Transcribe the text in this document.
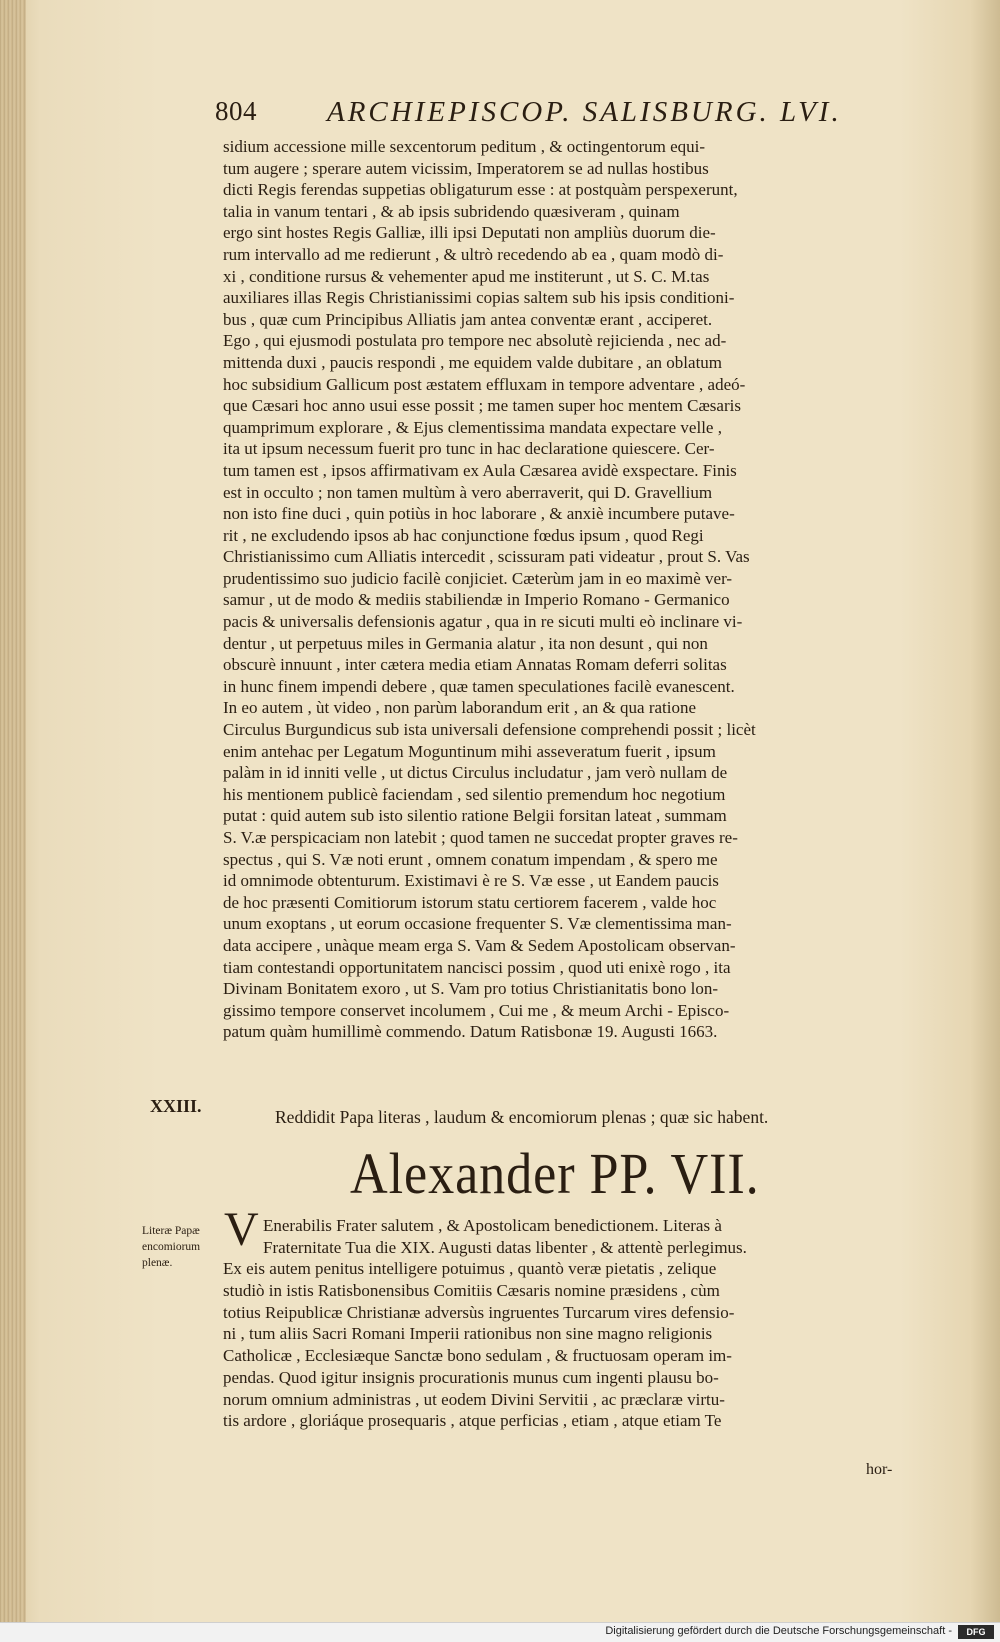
804 ARCHIEPISCOP. SALISBURG. LVI.
sidium accessione mille sexcentorum peditum , & octingentorum equi-
tum augere ; sperare autem vicissim, Imperatorem se ad nullas hostibus
dicti Regis ferendas suppetias obligaturum esse : at postquàm perspexerunt,
talia in vanum tentari , & ab ipsis subridendo quæsiveram , quinam
ergo sint hostes Regis Galliæ, illi ipsi Deputati non ampliùs duorum die-
rum intervallo ad me redierunt , & ultrò recedendo ab ea , quam modò di-
xi , conditione rursus & vehementer apud me institerunt , ut S. C. M.tas
auxiliares illas Regis Christianissimi copias saltem sub his ipsis conditioni-
bus , quæ cum Principibus Alliatis jam antea conventæ erant , acciperet.
Ego , qui ejusmodi postulata pro tempore nec absolutè rejicienda , nec ad-
mittenda duxi , paucis respondi , me equidem valde dubitare , an oblatum
hoc subsidium Gallicum post æstatem effluxam in tempore adventare , adeó-
que Cæsari hoc anno usui esse possit ; me tamen super hoc mentem Cæsaris
quamprimum explorare , & Ejus clementissima mandata expectare velle ,
ita ut ipsum necessum fuerit pro tunc in hac declaratione quiescere. Cer-
tum tamen est , ipsos affirmativam ex Aula Cæsarea avidè exspectare. Finis
est in occulto ; non tamen multùm à vero aberraverit, qui D. Gravellium
non isto fine duci , quin potiùs in hoc laborare , & anxiè incumbere putave-
rit , ne excludendo ipsos ab hac conjunctione fœdus ipsum , quod Regi
Christianissimo cum Alliatis intercedit , scissuram pati videatur , prout S. Vas
prudentissimo suo judicio facilè conjiciet. Cæterùm jam in eo maximè ver-
samur , ut de modo & mediis stabiliendæ in Imperio Romano - Germanico
pacis & universalis defensionis agatur , qua in re sicuti multi eò inclinare vi-
dentur , ut perpetuus miles in Germania alatur , ita non desunt , qui non
obscurè innuunt , inter cætera media etiam Annatas Romam deferri solitas
in hunc finem impendi debere , quæ tamen speculationes facilè evanescent.
In eo autem , ùt video , non parùm laborandum erit , an & qua ratione
Circulus Burgundicus sub ista universali defensione comprehendi possit ; licèt
enim antehac per Legatum Moguntinum mihi asseveratum fuerit , ipsum
palàm in id inniti velle , ut dictus Circulus includatur , jam verò nullam de
his mentionem publicè faciendam , sed silentio premendum hoc negotium
putat : quid autem sub isto silentio ratione Belgii forsitan lateat , summam
S. V.æ perspicaciam non latebit ; quod tamen ne succedat propter graves re-
spectus , qui S. Væ noti erunt , omnem conatum impendam , & spero me
id omnimode obtenturum. Existimavi è re S. Væ esse , ut Eandem paucis
de hoc præsenti Comitiorum istorum statu certiorem facerem , valde hoc
unum exoptans , ut eorum occasione frequenter S. Væ clementissima man-
data accipere , unàque meam erga S. Vam & Sedem Apostolicam observan-
tiam contestandi opportunitatem nancisci possim , quod uti enixè rogo , ita
Divinam Bonitatem exoro , ut S. Vam pro totius Christianitatis bono lon-
gissimo tempore conservet incolumem , Cui me , & meum Archi - Episco-
patum quàm humillimè commendo. Datum Ratisbonæ 19. Augusti 1663.
XXIII.
Reddidit Papa literas , laudum & encomiorum plenas ; quæ sic habent.
Alexander PP. VII.
Literæ Papæ
encomiorum
plenæ.
V Enerabilis Frater salutem , & Apostolicam benedictionem. Literas à
Fraternitate Tua die XIX. Augusti datas libenter , & attentè perlegimus.
Ex eis autem penitus intelligere potuimus , quantò veræ pietatis , zelique
studiò in istis Ratisbonensibus Comitiis Cæsaris nomine præsidens , cùm
totius Reipublicæ Christianæ adversùs ingruentes Turcarum vires defensio-
ni , tum aliis Sacri Romani Imperii rationibus non sine magno religionis
Catholicæ , Ecclesiæque Sanctæ bono sedulam , & fructuosam operam im-
pendas. Quod igitur insignis procurationis munus cum ingenti plausu bo-
norum omnium administras , ut eodem Divini Servitii , ac præclaræ virtu-
tis ardore , gloriáque prosequaris , atque perficias , etiam , atque etiam Te
hor-
Digitalisierung gefördert durch die Deutsche Forschungsgemeinschaft -	DFG
